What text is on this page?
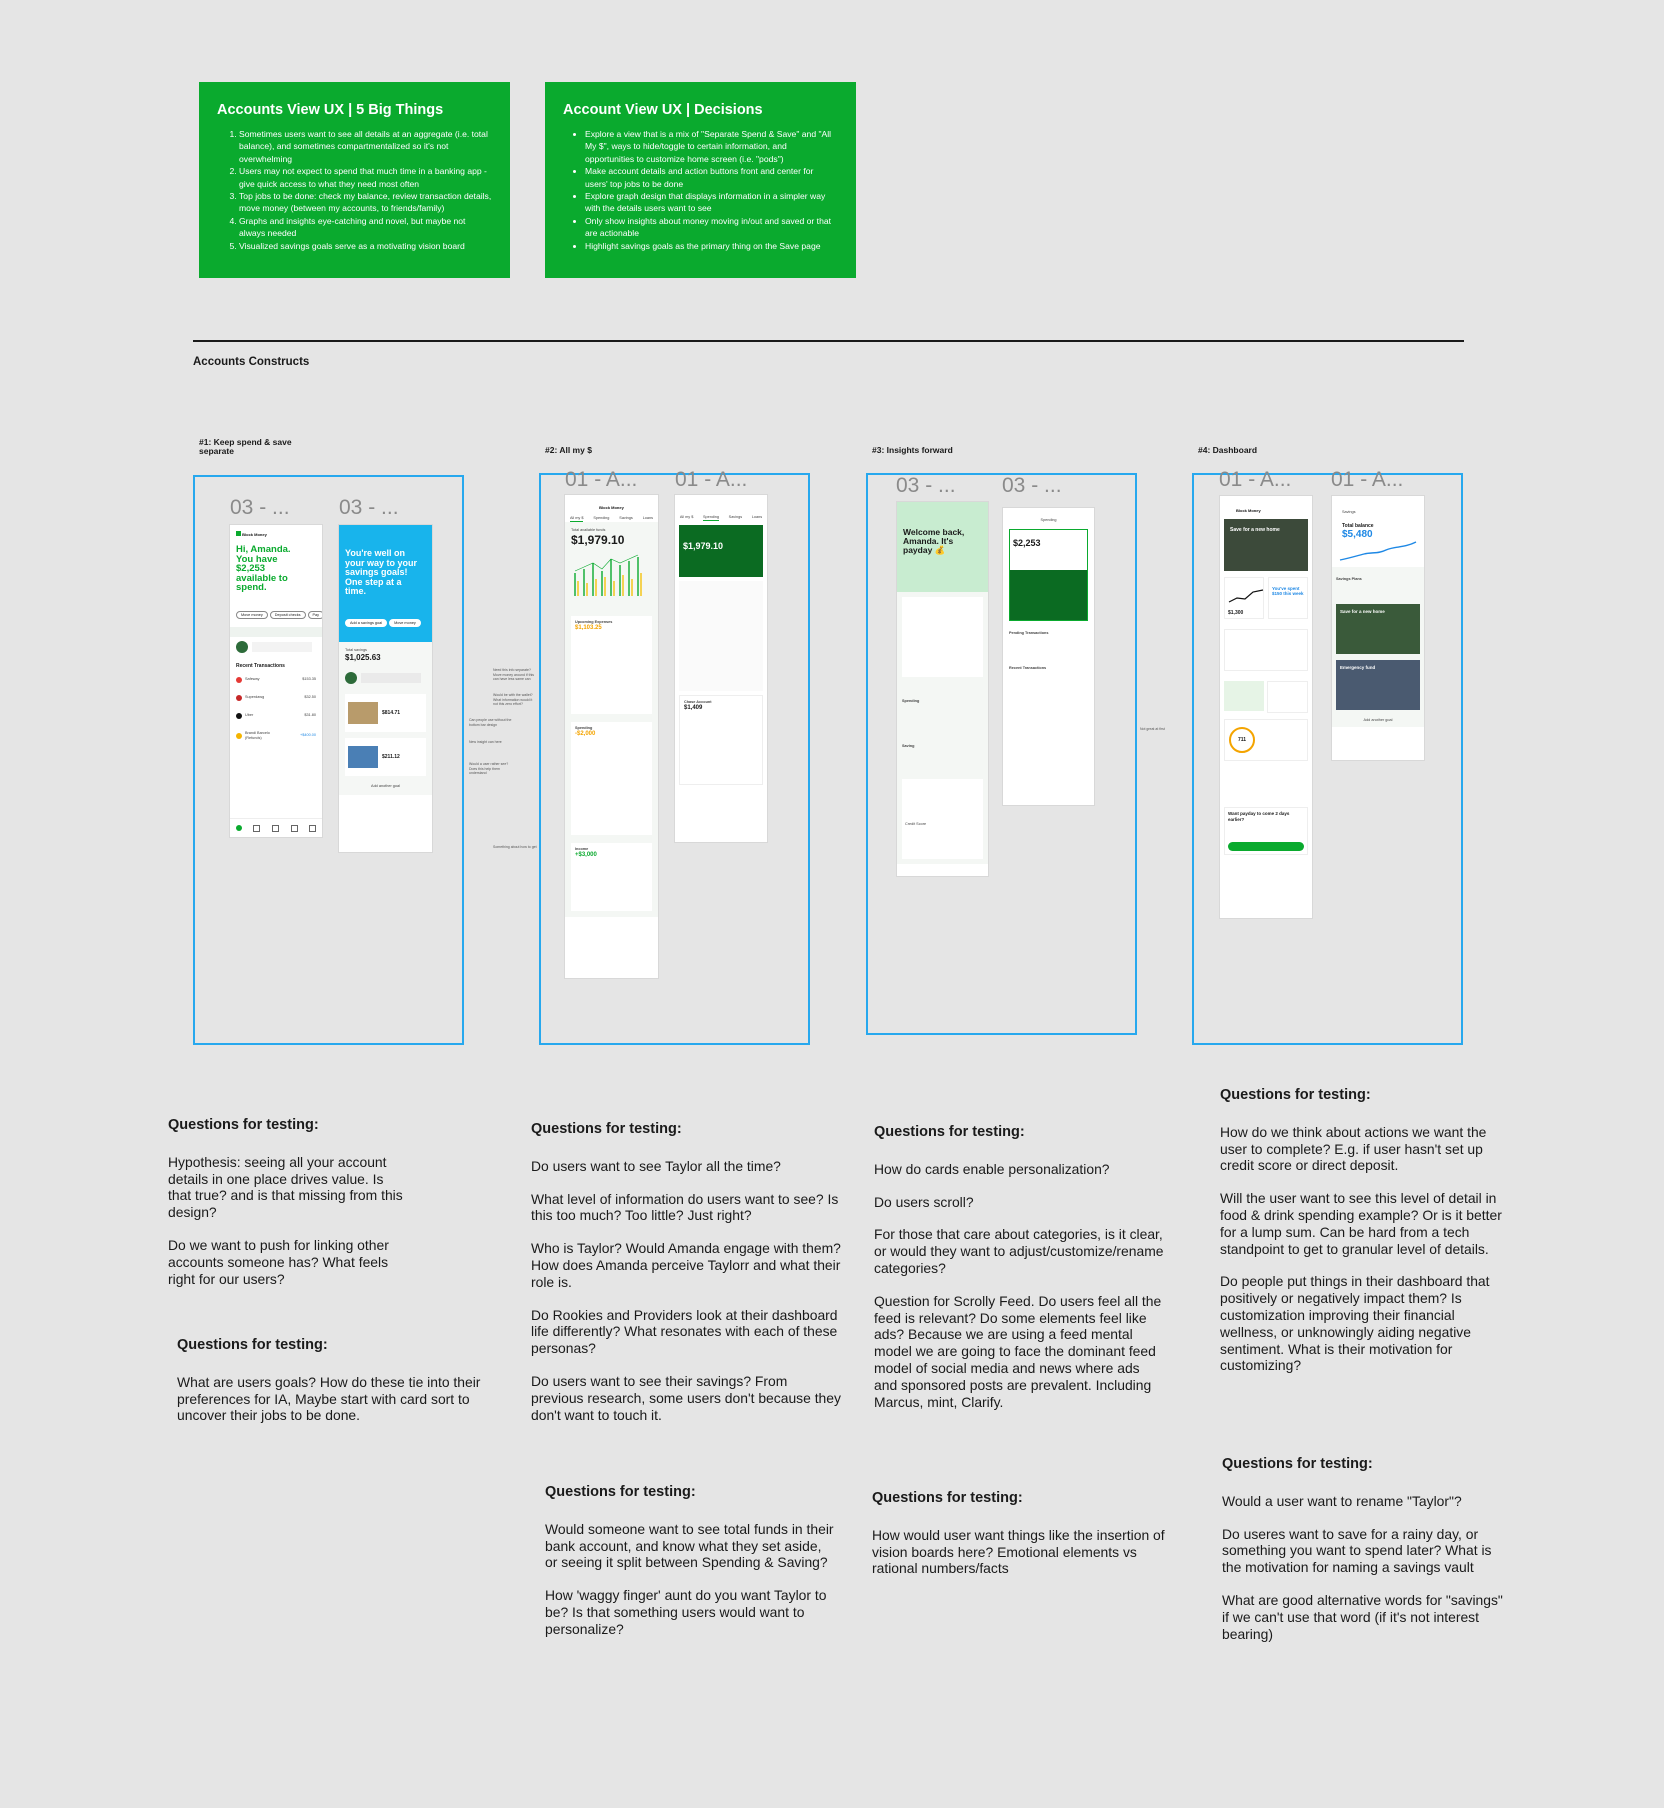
Accounts View UX | 5 Big Things
1. Sometimes users want to see all details at an aggregate (i.e. total balance), and sometimes compartmentalized so it's not overwhelming
2. Users may not expect to spend that much time in a banking app - give quick access to what they need most often
3. Top jobs to be done: check my balance, review transaction details, move money (between my accounts, to friends/family)
4. Graphs and insights eye-catching and novel, but maybe not always needed
5. Visualized savings goals serve as a motivating vision board
Account View UX | Decisions
• Explore a view that is a mix of "Separate Spend & Save" and "All My $", ways to hide/toggle to certain information, and opportunities to customize home screen (i.e. "pods")
• Make account details and action buttons front and center for users' top jobs to be done
• Explore graph design that displays information in a simpler way with the details users want to see
• Only show insights about money moving in/out and saved or that are actionable
• Highlight savings goals as the primary thing on the Save page
Accounts Constructs
#1: Keep spend & save separate	#2: All my $	#3: Insights forward	#4: Dashboard
03 - ... 03 - ...
01 - A... 01 - A...	03 - ... 03 - ...	01 - A... 01 - A...
Block Money
Hi, Amanda. You have $2,253 available to spend.
Move money	Deposit checks	Pay
Recent Transactions
Safeway	$153.35
Superdawg	$32.50
Uber	$31.80
Brandi Barcelo (Refunds)
+$400.00
You're well on your way to your savings goals! One step at a time.
Add a savings goal	Move money
Total savings
$1,025.63
$814.71
$211.12
Add another goal
Block Money
All my $	Spending	Savings	Loans
Total available funds
$1,979.10
Upcoming Expenses
$1,103.25
Spending
-$2,000
Income
+$3,000
All my $	Spending	Savings	Loans
$1,979.10
Chase Account
$1,409
Welcome back, Amanda. It's payday 💰
Spending
Saving
Credit Score
Spending
$2,253
Pending Transactions
Recent Transactions
Block Money
Save for a new home
$1,300
You've spent $150 this week
711
Want payday to come 2 days earlier?
Savings
Total balance
$5,480
Savings Plans
Save for a new home
Emergency fund
Add another goal
Need this info separate? Move money around if this can have less same can
Would be with the wallet? What information would it not this zero effort?
Can people use without the bottom bar design
New insight can here
Would a user rather see? Does this help them understand
Something about how to get
Not great at first
Questions for testing:

Hypothesis: seeing all your account details in one place drives value. Is that true? and is that missing from this design?

Do we want to push for linking other accounts someone has? What feels right for our users?

Questions for testing:

What are users goals? How do these tie into their preferences for IA, Maybe start with card sort to uncover their jobs to be done.

Questions for testing:

Do users want to see Taylor all the time?

What level of information do users want to see? Is this too much? Too little? Just right?

Who is Taylor? Would Amanda engage with them? How does Amanda perceive Taylorr and what their role is.

Do Rookies and Providers look at their dashboard life differently? What resonates with each of these personas?

Do users want to see their savings? From previous research, some users don't because they don't want to touch it.

Questions for testing:

Would someone want to see total funds in their bank account, and know what they set aside, or seeing it split between Spending & Saving?

How 'waggy finger' aunt do you want Taylor to be? Is that something users would want to personalize?

Questions for testing:

How do cards enable personalization?

Do users scroll?

For those that care about categories, is it clear, or would they want to adjust/customize/rename categories?

Question for Scrolly Feed. Do users feel all the feed is relevant? Do some elements feel like ads? Because we are using a feed mental model we are going to face the dominant feed model of social media and news where ads and sponsored posts are prevalent. Including Marcus, mint, Clarify.

Questions for testing:

How would user want things like the insertion of vision boards here? Emotional elements vs rational numbers/facts

Questions for testing:

How do we think about actions we want the user to complete? E.g. if user hasn't set up credit score or direct deposit.

Will the user want to see this level of detail in food & drink spending example? Or is it better for a lump sum. Can be hard from a tech standpoint to get to granular level of details.

Do people put things in their dashboard that positively or negatively impact them? Is customization improving their financial wellness, or unknowingly aiding negative sentiment. What is their motivation for customizing?

Questions for testing:

Would a user want to rename "Taylor"?

Do useres want to save for a rainy day, or something you want to spend later? What is the motivation for naming a savings vault

What are good alternative words for "savings" if we can't use that word (if it's not interest bearing)
